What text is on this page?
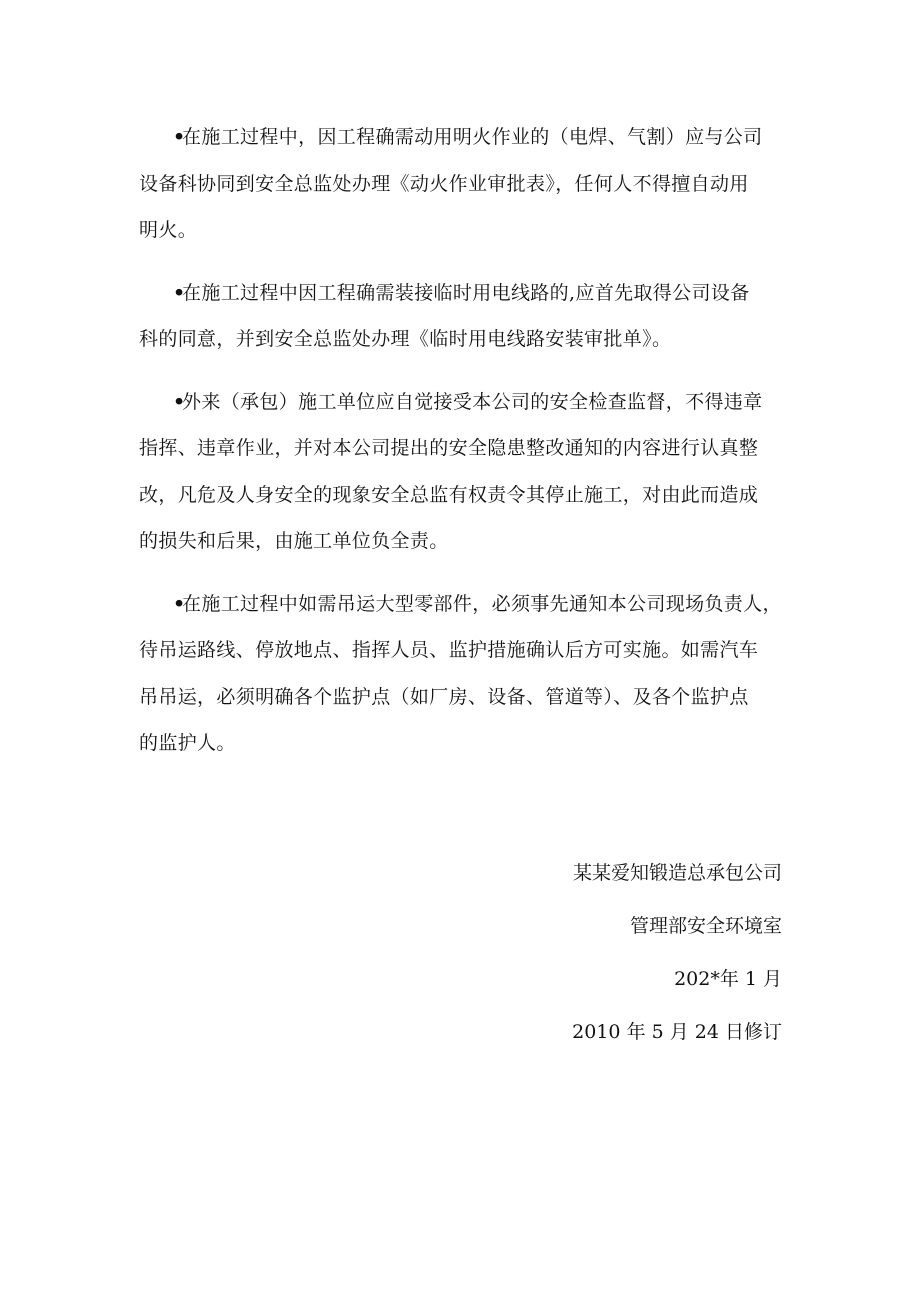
•在施工过程中，因工程确需动用明火作业的（电焊、气割）应与公司
设备科协同到安全总监处办理《动火作业审批表》，任何人不得擅自动用
明火。

•在施工过程中因工程确需装接临时用电线路的,应首先取得公司设备
科的同意，并到安全总监处办理《临时用电线路安装审批单》。

•外来（承包）施工单位应自觉接受本公司的安全检查监督，不得违章
指挥、违章作业，并对本公司提出的安全隐患整改通知的内容进行认真整
改，凡危及人身安全的现象安全总监有权责令其停止施工，对由此而造成
的损失和后果，由施工单位负全责。

•在施工过程中如需吊运大型零部件，必须事先通知本公司现场负责人，
待吊运路线、停放地点、指挥人员、监护措施确认后方可实施。如需汽车
吊吊运，必须明确各个监护点（如厂房、设备、管道等）、及各个监护点
的监护人。

某某爱知锻造总承包公司
管理部安全环境室
202*年 1 月
2010 年 5 月 24 日修订
